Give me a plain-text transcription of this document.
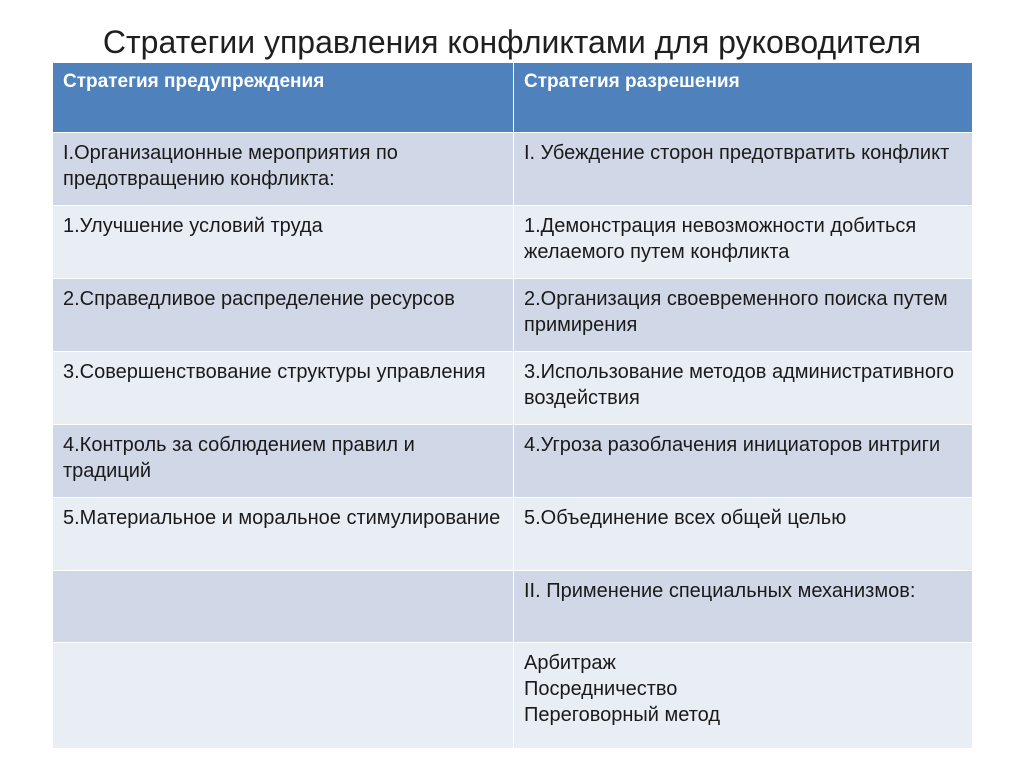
Стратегии управления конфликтами для руководителя
Стратегия предупреждения	Стратегия разрешения
I.Организационные мероприятия по предотвращению конфликта:	I. Убеждение сторон предотвратить конфликт
1.Улучшение условий труда	1.Демонстрация невозможности добиться желаемого путем конфликта
2.Справедливое распределение ресурсов	2.Организация своевременного поиска путем примирения
3.Совершенствование структуры управления	3.Использование методов административного воздействия
4.Контроль за соблюдением правил и традиций	4.Угроза разоблачения инициаторов интриги
5.Материальное и моральное стимулирование	5.Объединение всех общей целью
	II. Применение специальных механизмов:

	Арбитраж
Посредничество
Переговорный метод
